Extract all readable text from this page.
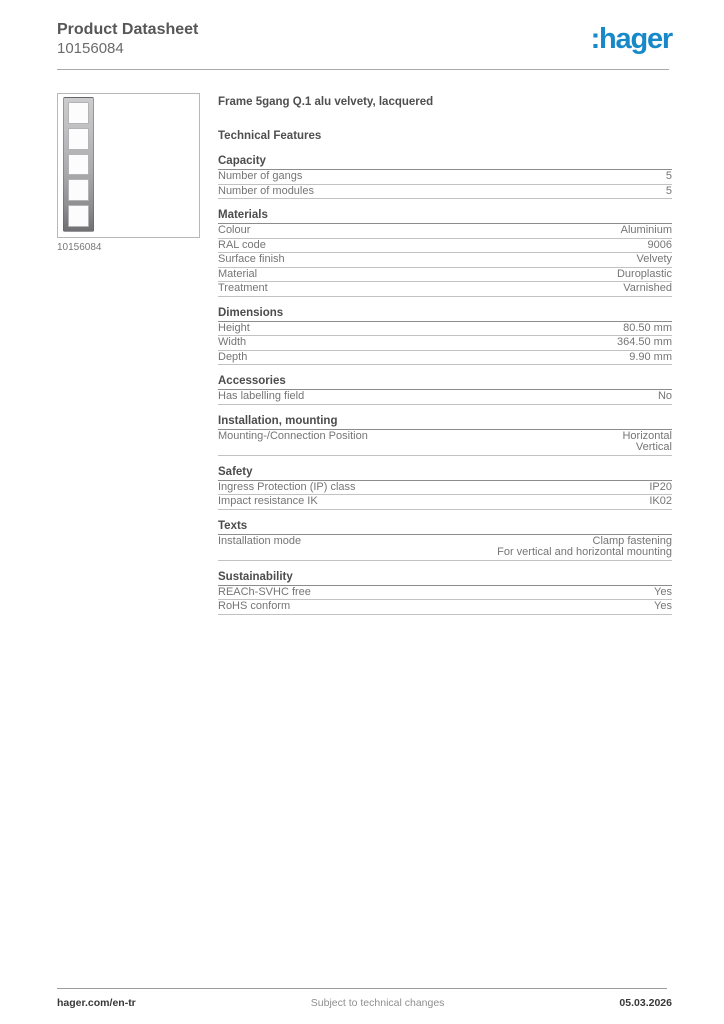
Product Datasheet
10156084	:hager
10156084
Frame 5gang Q.1 alu velvety, lacquered
Technical Features
Capacity
Number of gangs	5
Number of modules	5
Materials
Colour	Aluminium
RAL code	9006
Surface finish	Velvety
Material	Duroplastic
Treatment	Varnished
Dimensions
Height	80.50 mm
Width	364.50 mm
Depth	9.90 mm
Accessories
Has labelling field	No
Installation, mounting
Mounting-/Connection Position	Horizontal
Vertical
Safety
Ingress Protection (IP) class	IP20
Impact resistance IK	IK02
Texts
Installation mode	Clamp fastening
For vertical and horizontal mounting
Sustainability
REACh-SVHC free	Yes
RoHS conform	Yes
hager.com/en-tr	Subject to technical changes	05.03.2026
